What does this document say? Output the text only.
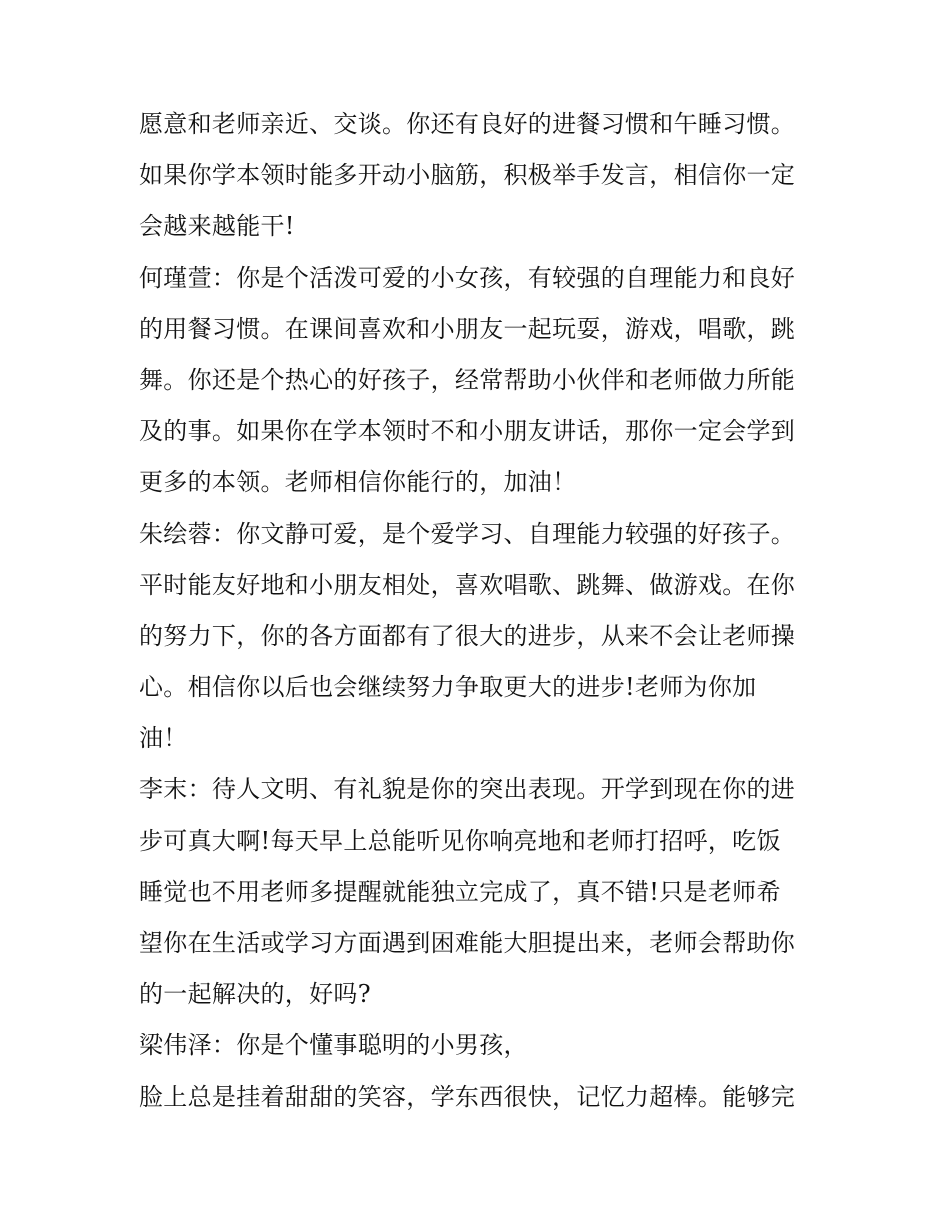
愿意和老师亲近、交谈。你还有良好的进餐习惯和午睡习惯。
如果你学本领时能多开动小脑筋，积极举手发言，相信你一定
会越来越能干!
何瑾萱：你是个活泼可爱的小女孩，有较强的自理能力和良好
的用餐习惯。在课间喜欢和小朋友一起玩耍，游戏，唱歌，跳
舞。你还是个热心的好孩子，经常帮助小伙伴和老师做力所能
及的事。如果你在学本领时不和小朋友讲话，那你一定会学到
更多的本领。老师相信你能行的，加油！
朱绘蓉：你文静可爱，是个爱学习、自理能力较强的好孩子。
平时能友好地和小朋友相处，喜欢唱歌、跳舞、做游戏。在你
的努力下，你的各方面都有了很大的进步，从来不会让老师操
心。相信你以后也会继续努力争取更大的进步!老师为你加
油！
李末：待人文明、有礼貌是你的突出表现。开学到现在你的进
步可真大啊!每天早上总能听见你响亮地和老师打招呼，吃饭
睡觉也不用老师多提醒就能独立完成了，真不错!只是老师希
望你在生活或学习方面遇到困难能大胆提出来，老师会帮助你
的一起解决的，好吗?
梁伟泽：你是个懂事聪明的小男孩，
脸上总是挂着甜甜的笑容，学东西很快，记忆力超棒。能够完
